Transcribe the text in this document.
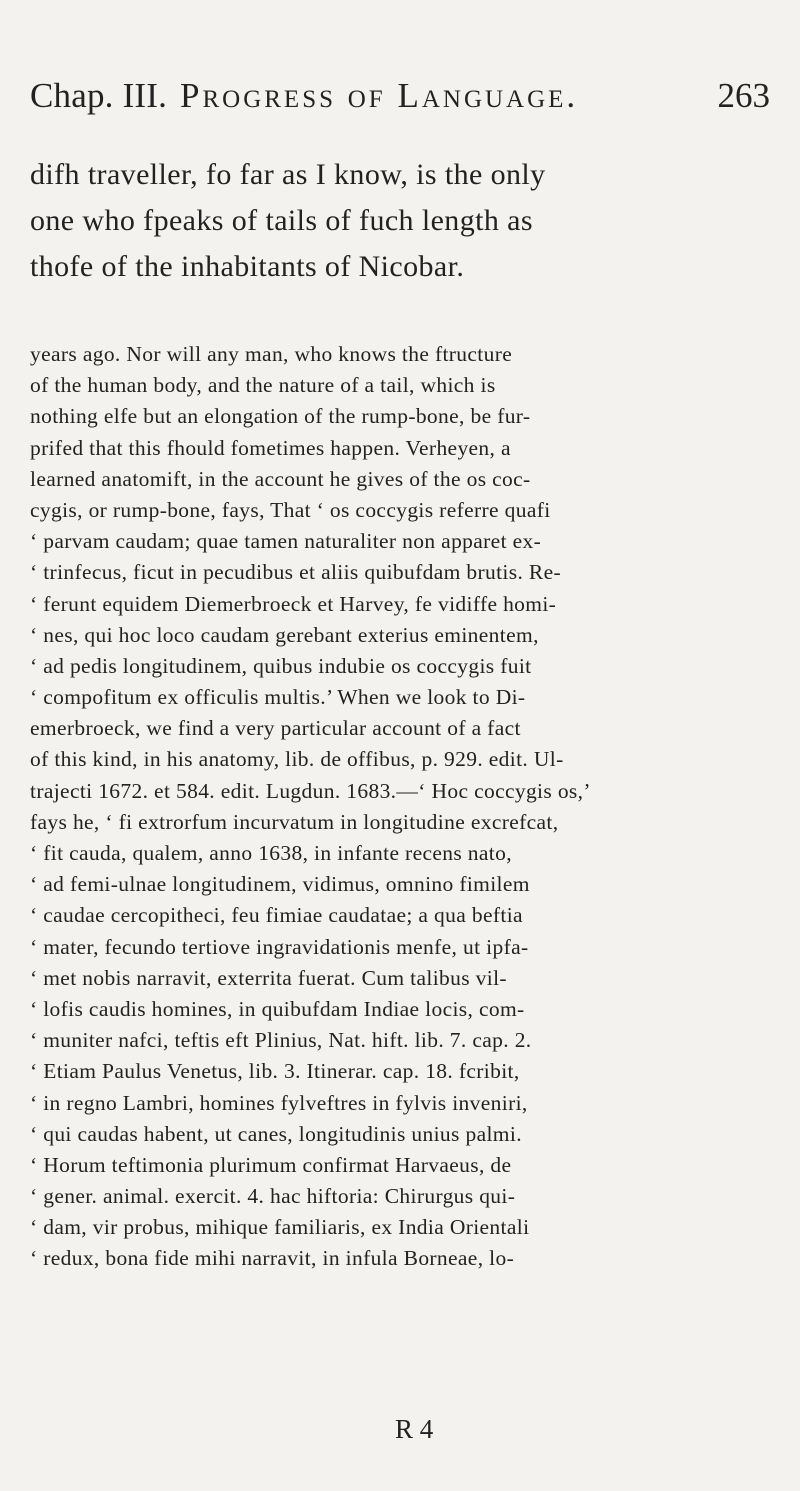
Chap. III. Progress of Language.	263
difh traveller, fo far as I know, is the only
one who fpeaks of tails of fuch length as
thofe of the inhabitants of Nicobar.
years ago. Nor will any man, who knows the ftructure
of the human body, and the nature of a tail, which is
nothing elfe but an elongation of the rump-bone, be fur-
prifed that this fhould fometimes happen. Verheyen, a
learned anatomift, in the account he gives of the os coc-
cygis, or rump-bone, fays, That ‘ os coccygis referre quafi
‘ parvam caudam; quae tamen naturaliter non apparet ex-
‘ trinfecus, ficut in pecudibus et aliis quibufdam brutis. Re-
‘ ferunt equidem Diemerbroeck et Harvey, fe vidiffe homi-
‘ nes, qui hoc loco caudam gerebant exterius eminentem,
‘ ad pedis longitudinem, quibus indubie os coccygis fuit
‘ compofitum ex officulis multis.’ When we look to Di-
emerbroeck, we find a very particular account of a fact
of this kind, in his anatomy, lib. de offibus, p. 929. edit. Ul-
trajecti 1672. et 584. edit. Lugdun. 1683.—‘ Hoc coccygis os,’
fays he, ‘ fi extrorfum incurvatum in longitudine excrefcat,
‘ fit cauda, qualem, anno 1638, in infante recens nato,
‘ ad femi-ulnae longitudinem, vidimus, omnino fimilem
‘ caudae cercopitheci, feu fimiae caudatae; a qua beftia
‘ mater, fecundo tertiove ingravidationis menfe, ut ipfa-
‘ met nobis narravit, exterrita fuerat. Cum talibus vil-
‘ lofis caudis homines, in quibufdam Indiae locis, com-
‘ muniter nafci, teftis eft Plinius, Nat. hift. lib. 7. cap. 2.
‘ Etiam Paulus Venetus, lib. 3. Itinerar. cap. 18. fcribit,
‘ in regno Lambri, homines fylveftres in fylvis inveniri,
‘ qui caudas habent, ut canes, longitudinis unius palmi.
‘ Horum teftimonia plurimum confirmat Harvaeus, de
‘ gener. animal. exercit. 4. hac hiftoria: Chirurgus qui-
‘ dam, vir probus, mihique familiaris, ex India Orientali
‘ redux, bona fide mihi narravit, in infula Borneae, lo-
R 4
